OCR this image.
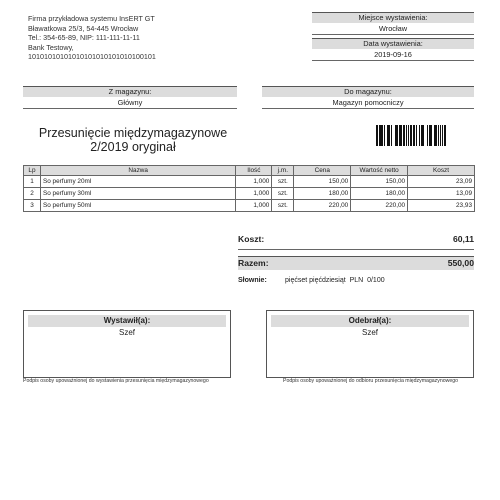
Firma przykładowa systemu InsERT GT
Bławatkowa 25/3, 54-445 Wrocław
Tel.: 354-65-89, NIP: 111-111-11-11
Bank Testowy,
10101010101010101010101010100101
Miejsce wystawienia:
Wrocław
Data wystawienia:
2019-09-16
Z magazynu:
Główny
Do magazynu:
Magazyn pomocniczy
Przesunięcie międzymagazynowe
2/2019 oryginał
Lp	Nazwa	Ilość	j.m.	Cena	Wartość netto	Koszt
1	So perfumy 20ml	1,000	szt.	150,00	150,00	23,09
2	So perfumy 30ml	1,000	szt.	180,00	180,00	13,09
3	So perfumy 50ml	1,000	szt.	220,00	220,00	23,93
Koszt:	60,11
Razem:	550,00
Słownie:	pięćset pięćdziesiąt  PLN  0/100
Wystawił(a):
Szef
Podpis osoby upoważnionej do wystawienia przesunięcia międzymagazynowego
Odebrał(a):
Szef
Podpis osoby upoważnionej do odbioru przesunięcia międzymagazynowego
